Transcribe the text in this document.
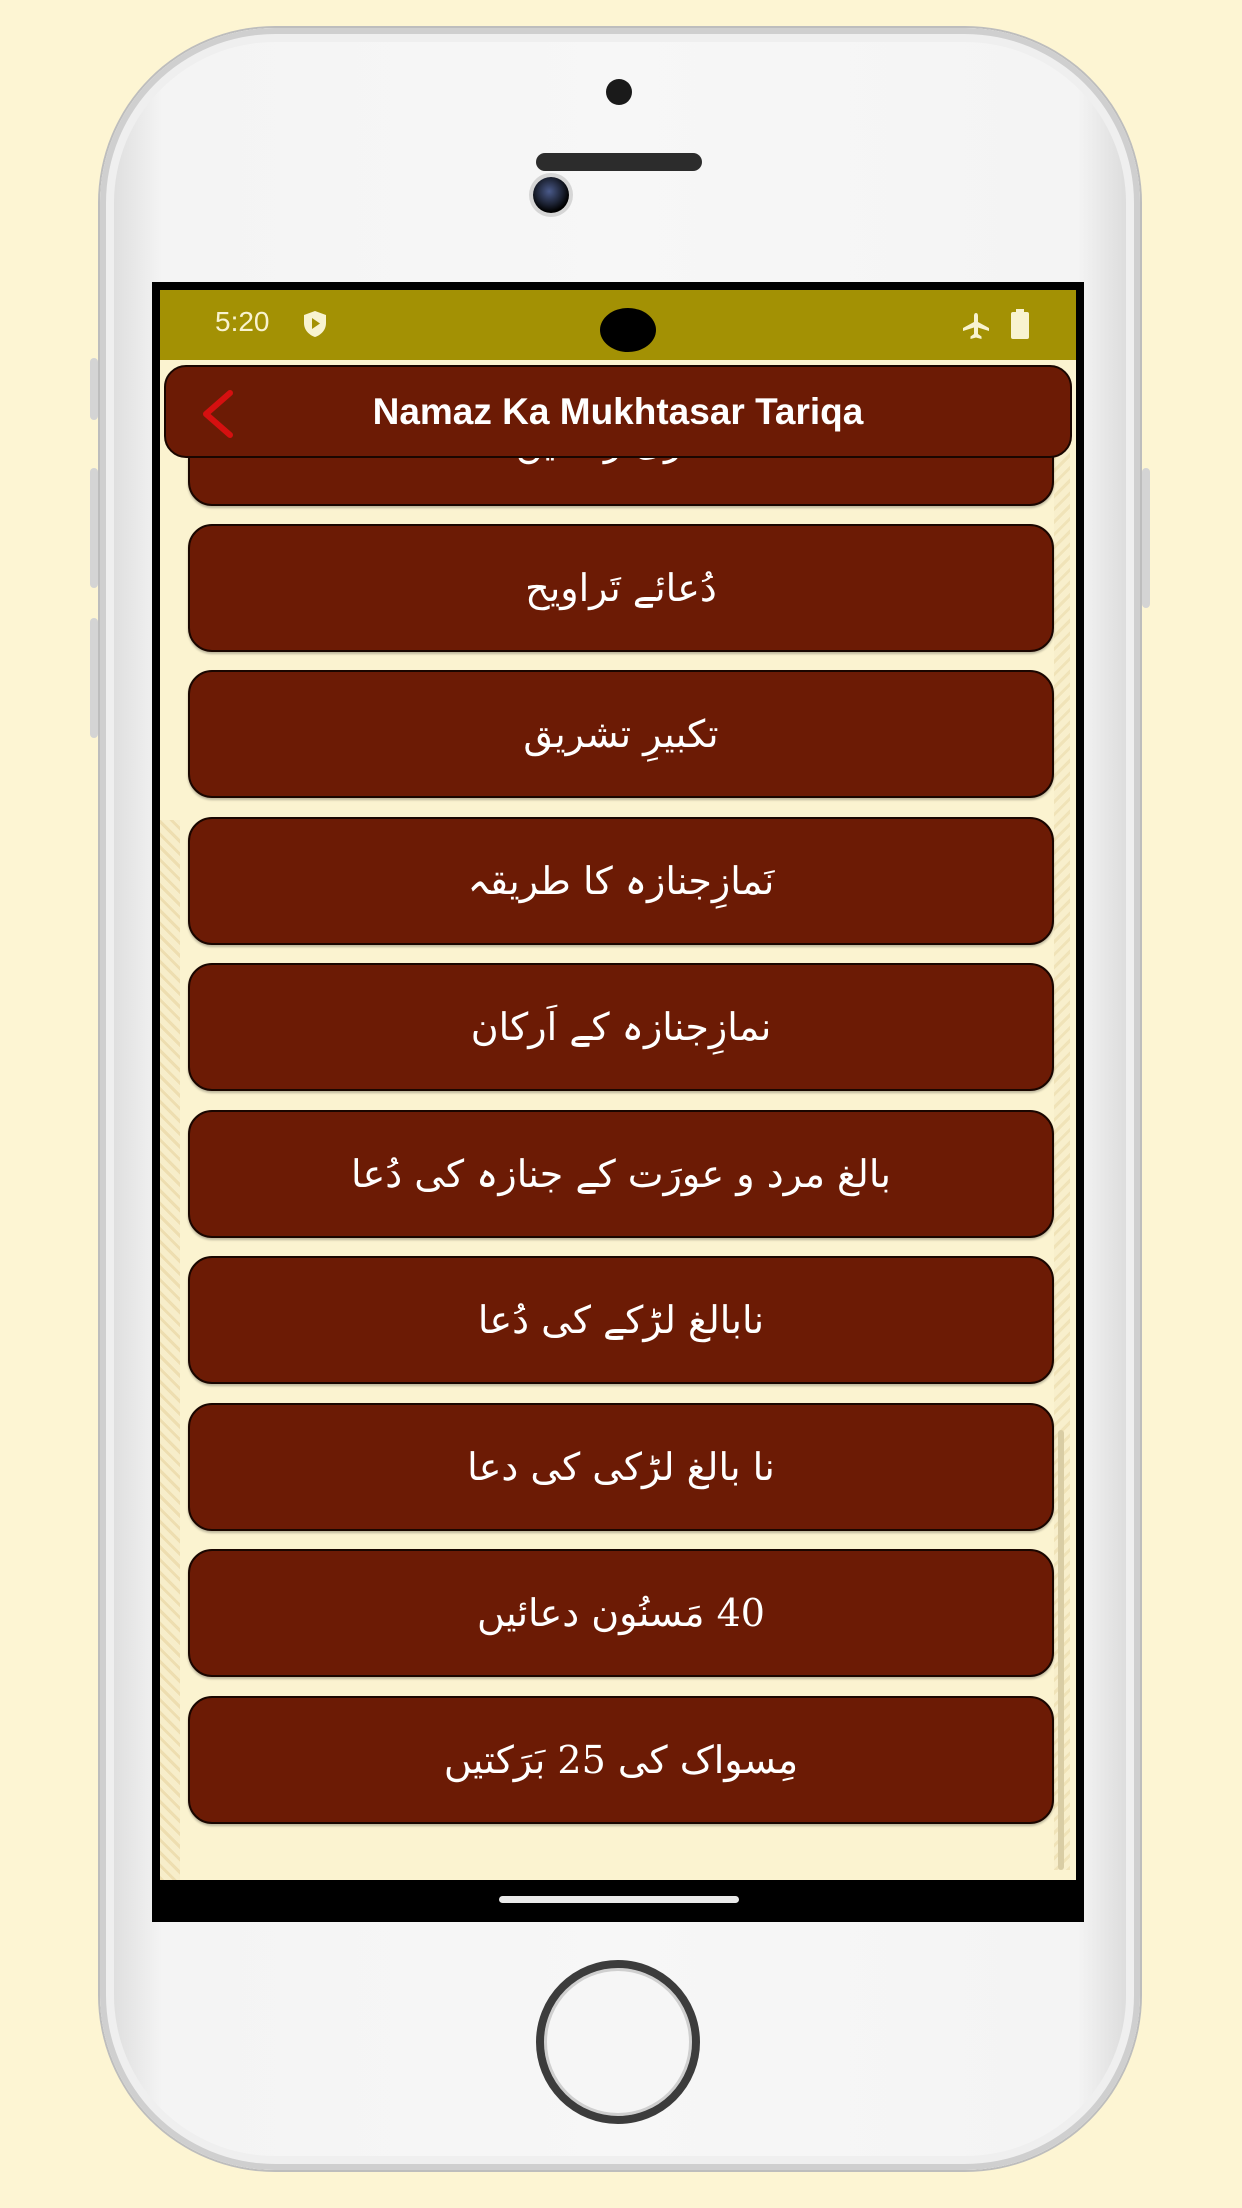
5:20
دُعائے تَراویح
تکبیرِ تشریق
نَمازِجنازہ کا طریقہ
نمازِجنازہ کے اَرکان
بالغ مرد و عورَت کے جنازہ کی دُعا
نابالغ لڑکے کی دُعا
نا بالغ لڑکی کی دعا
40 مَسنُون دعائیں
مِسواک کی 25 بَرَکتیں
Namaz Ka Mukhtasar Tariqa
